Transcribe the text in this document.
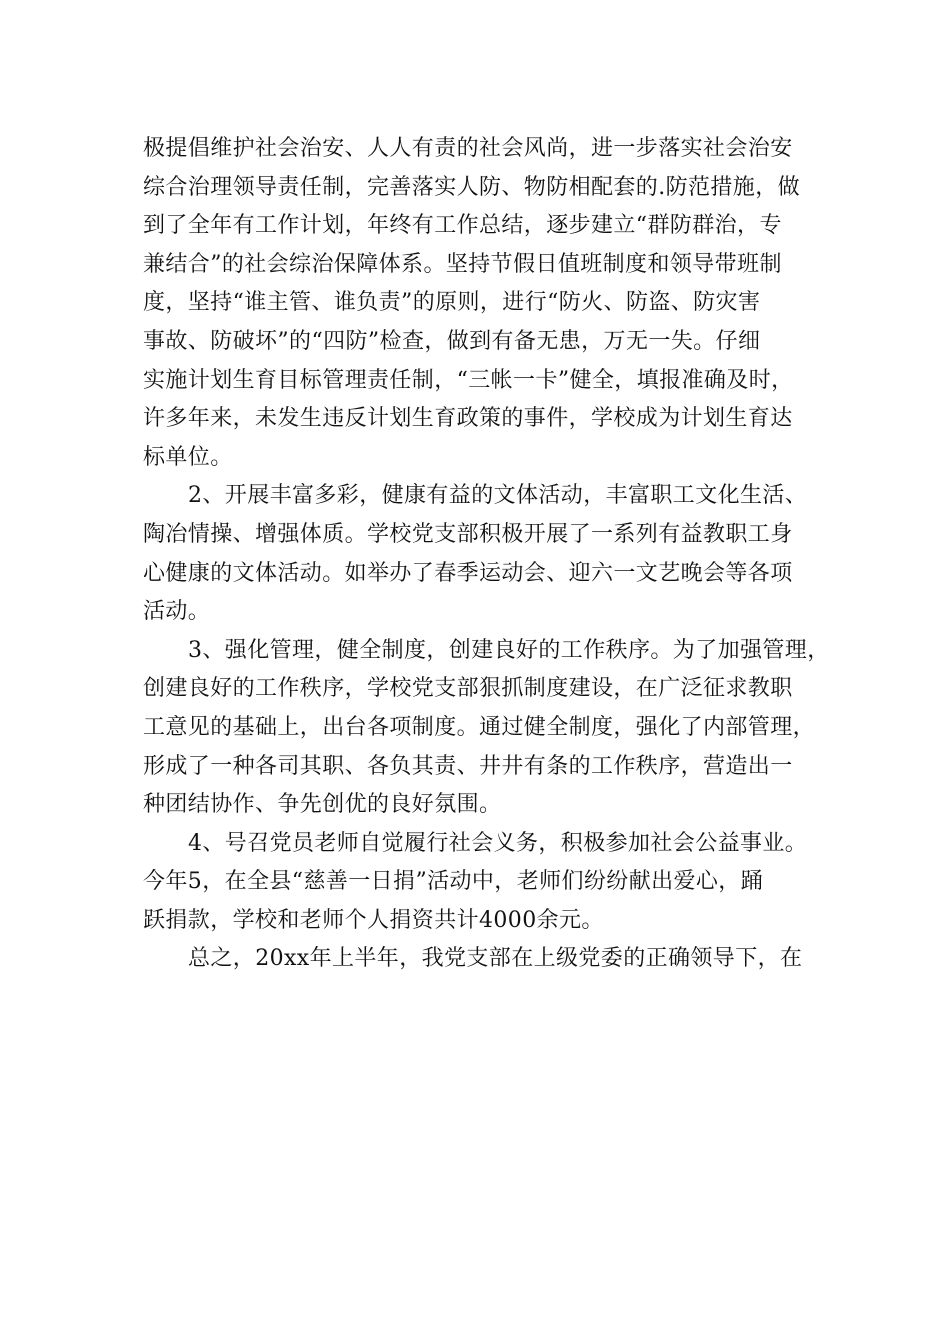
极提倡维护社会治安、人人有责的社会风尚，进一步落实社会治安
综合治理领导责任制，完善落实人防、物防相配套的.防范措施，做
到了全年有工作计划，年终有工作总结，逐步建立“群防群治，专
兼结合”的社会综治保障体系。坚持节假日值班制度和领导带班制
度，坚持“谁主管、谁负责”的原则，进行“防火、防盗、防灾害
事故、防破坏”的“四防”检查，做到有备无患，万无一失。仔细
实施计划生育目标管理责任制，“三帐一卡”健全，填报准确及时，
许多年来，未发生违反计划生育政策的事件，学校成为计划生育达
标单位。

2、开展丰富多彩，健康有益的文体活动，丰富职工文化生活、
陶冶情操、增强体质。学校党支部积极开展了一系列有益教职工身
心健康的文体活动。如举办了春季运动会、迎六一文艺晚会等各项
活动。

3、强化管理，健全制度，创建良好的工作秩序。为了加强管理，
创建良好的工作秩序，学校党支部狠抓制度建设，在广泛征求教职
工意见的基础上，出台各项制度。通过健全制度，强化了内部管理，
形成了一种各司其职、各负其责、井井有条的工作秩序，营造出一
种团结协作、争先创优的良好氛围。

4、号召党员老师自觉履行社会义务，积极参加社会公益事业。
今年5，在全县“慈善一日捐”活动中，老师们纷纷献出爱心，踊
跃捐款，学校和老师个人捐资共计4000余元。

总之，20xx年上半年，我党支部在上级党委的正确领导下，在
